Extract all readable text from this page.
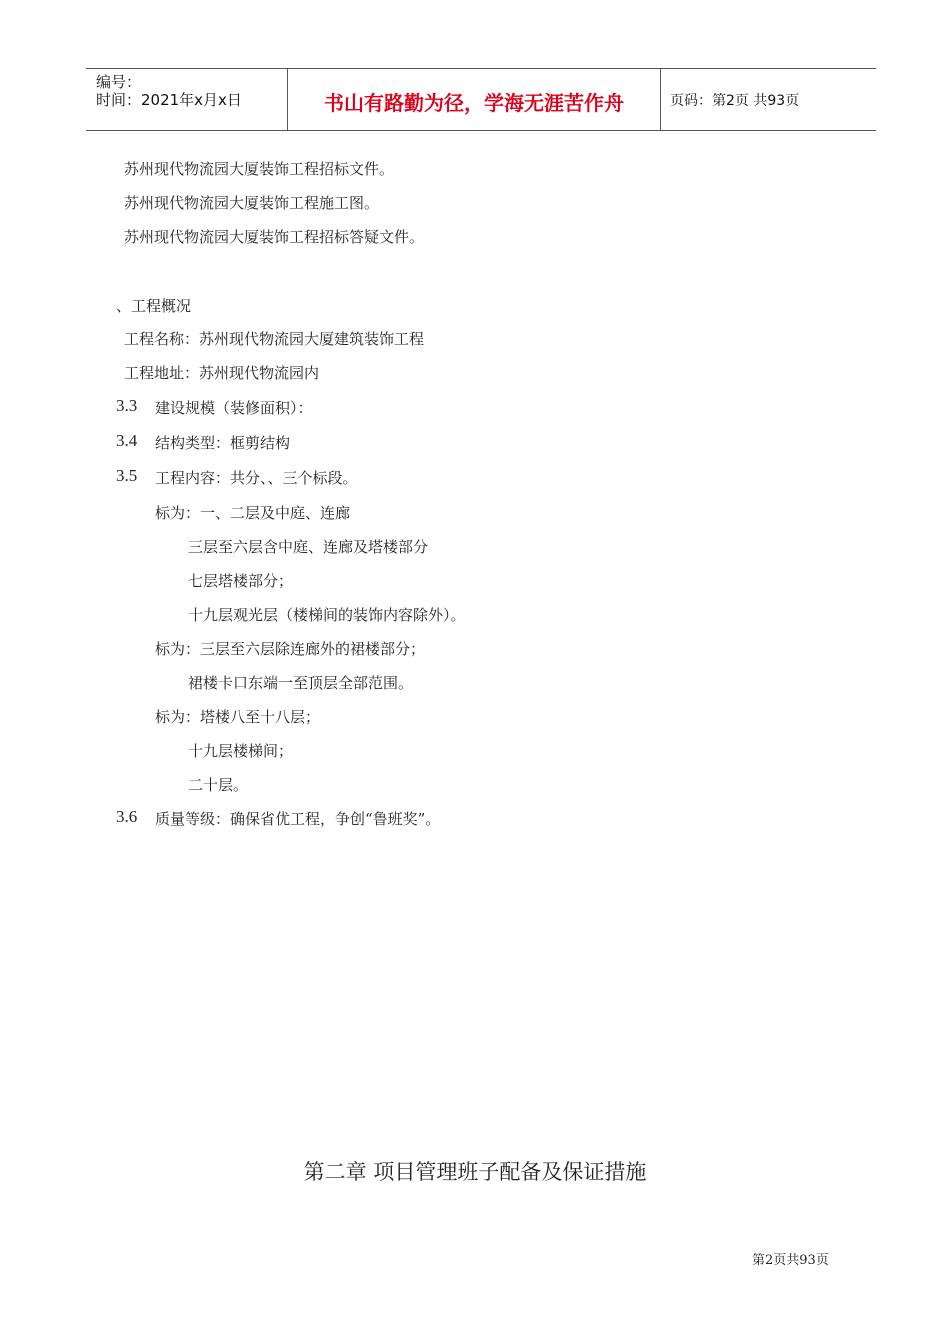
编号：
时间：2021年x月x日	书山有路勤为径，学海无涯苦作舟	页码：第2页 共93页
苏州现代物流园大厦装饰工程招标文件。
苏州现代物流园大厦装饰工程施工图。
苏州现代物流园大厦装饰工程招标答疑文件。
、工程概况
工程名称：苏州现代物流园大厦建筑装饰工程
工程地址：苏州现代物流园内
3.3 建设规模（装修面积）：
3.4 结构类型：框剪结构
3.5 工程内容：共分、、三个标段。
标为：一、二层及中庭、连廊
三层至六层含中庭、连廊及塔楼部分
七层塔楼部分；
十九层观光层（楼梯间的装饰内容除外）。
标为：三层至六层除连廊外的裙楼部分；
裙楼卡口东端一至顶层全部范围。
标为：塔楼八至十八层；
十九层楼梯间；
二十层。
3.6 质量等级：确保省优工程，争创“鲁班奖”。
第二章 项目管理班子配备及保证措施
第2页共93页
